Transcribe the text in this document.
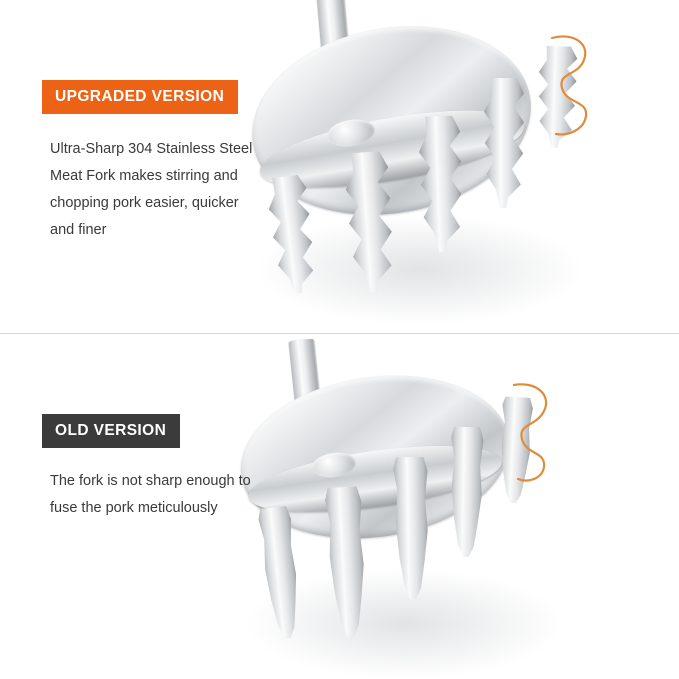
UPGRADED VERSION
Ultra-Sharp 304 Stainless Steel Meat Fork makes stirring and chopping pork easier, quicker and finer
OLD VERSION
The fork is not sharp enough to fuse the pork meticulously
